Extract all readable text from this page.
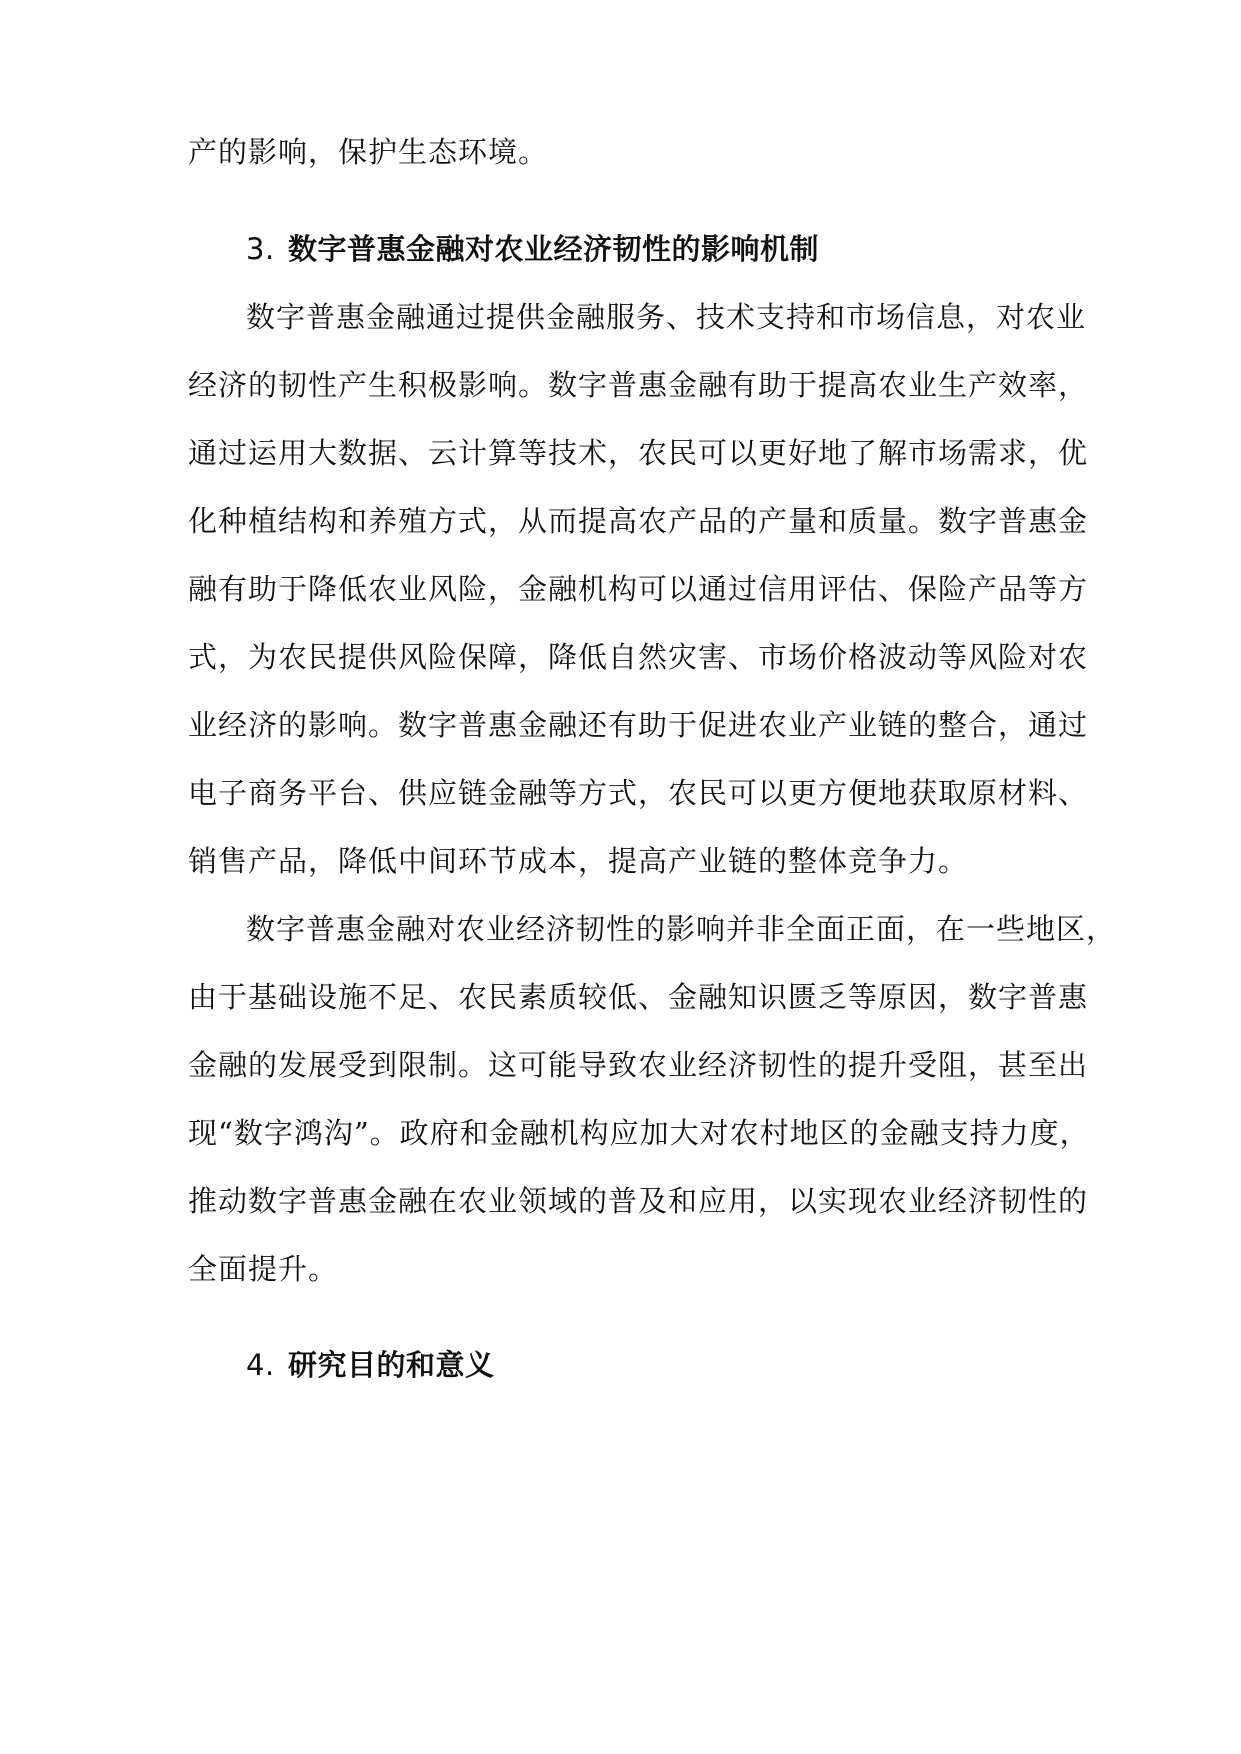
产的影响，保护生态环境。
3. 数字普惠金融对农业经济韧性的影响机制
数字普惠金融通过提供金融服务、技术支持和市场信息，对农业
经济的韧性产生积极影响。数字普惠金融有助于提高农业生产效率，
通过运用大数据、云计算等技术，农民可以更好地了解市场需求，优
化种植结构和养殖方式，从而提高农产品的产量和质量。数字普惠金
融有助于降低农业风险，金融机构可以通过信用评估、保险产品等方
式，为农民提供风险保障，降低自然灾害、市场价格波动等风险对农
业经济的影响。数字普惠金融还有助于促进农业产业链的整合，通过
电子商务平台、供应链金融等方式，农民可以更方便地获取原材料、
销售产品，降低中间环节成本，提高产业链的整体竞争力。
数字普惠金融对农业经济韧性的影响并非全面正面，在一些地区，
由于基础设施不足、农民素质较低、金融知识匮乏等原因，数字普惠
金融的发展受到限制。这可能导致农业经济韧性的提升受阻，甚至出
现“数字鸿沟”。政府和金融机构应加大对农村地区的金融支持力度，
推动数字普惠金融在农业领域的普及和应用，以实现农业经济韧性的
全面提升。
4. 研究目的和意义
